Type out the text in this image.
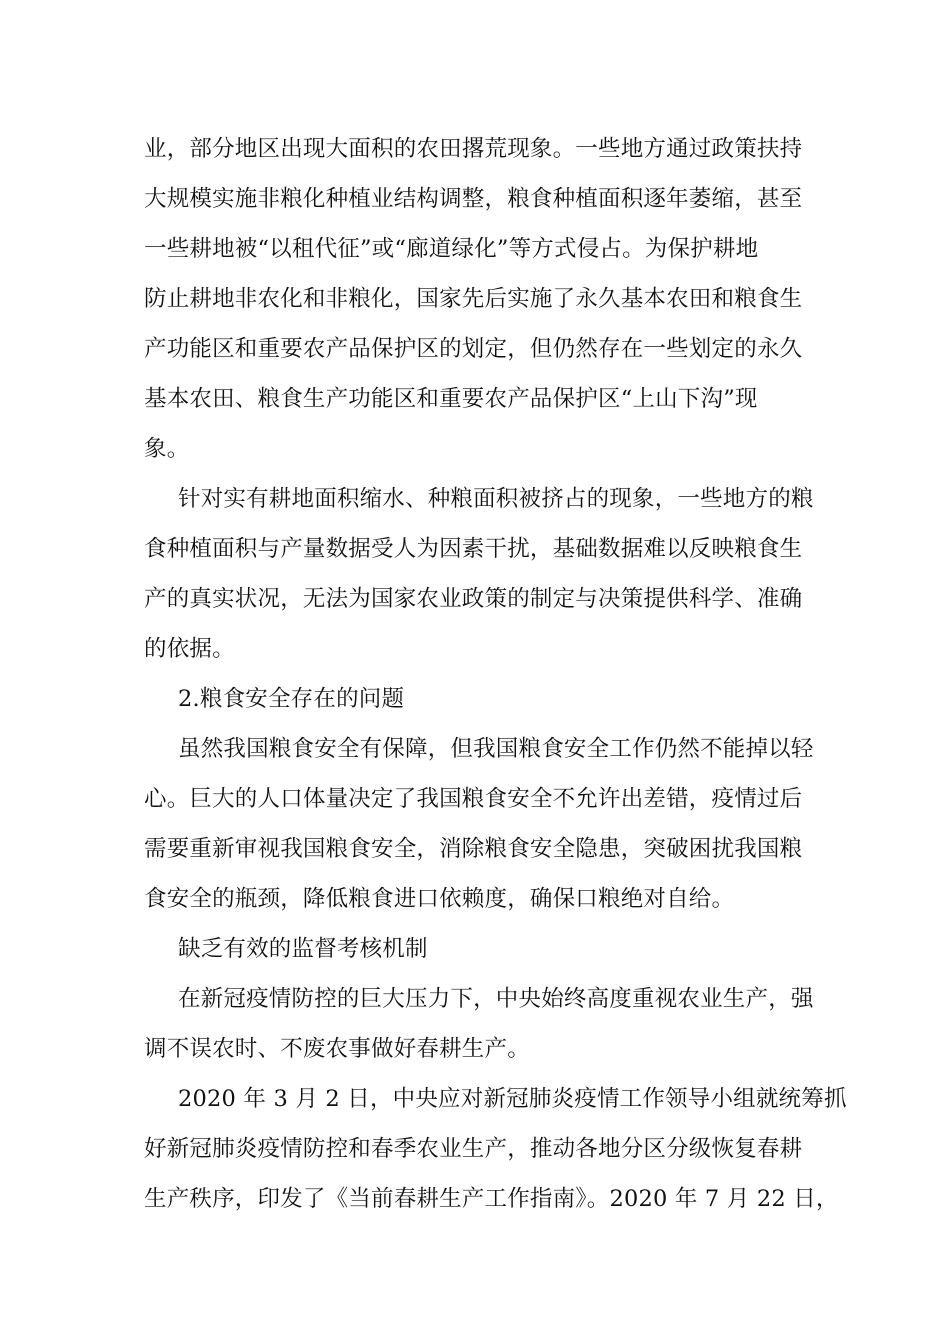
业，部分地区出现大面积的农田撂荒现象。一些地方通过政策扶持
大规模实施非粮化种植业结构调整，粮食种植面积逐年萎缩，甚至
一些耕地被“以租代征”或“廊道绿化”等方式侵占。为保护耕地
防止耕地非农化和非粮化，国家先后实施了永久基本农田和粮食生
产功能区和重要农产品保护区的划定，但仍然存在一些划定的永久
基本农田、粮食生产功能区和重要农产品保护区“上山下沟”现
象。
针对实有耕地面积缩水、种粮面积被挤占的现象，一些地方的粮
食种植面积与产量数据受人为因素干扰，基础数据难以反映粮食生
产的真实状况，无法为国家农业政策的制定与决策提供科学、准确
的依据。
2.粮食安全存在的问题
虽然我国粮食安全有保障，但我国粮食安全工作仍然不能掉以轻
心。巨大的人口体量决定了我国粮食安全不允许出差错，疫情过后
需要重新审视我国粮食安全，消除粮食安全隐患，突破困扰我国粮
食安全的瓶颈，降低粮食进口依赖度，确保口粮绝对自给。
缺乏有效的监督考核机制
在新冠疫情防控的巨大压力下，中央始终高度重视农业生产，强
调不误农时、不废农事做好春耕生产。
2020 年 3 月 2 日，中央应对新冠肺炎疫情工作领导小组就统筹抓
好新冠肺炎疫情防控和春季农业生产，推动各地分区分级恢复春耕
生产秩序，印发了《当前春耕生产工作指南》。2020 年 7 月 22 日，
